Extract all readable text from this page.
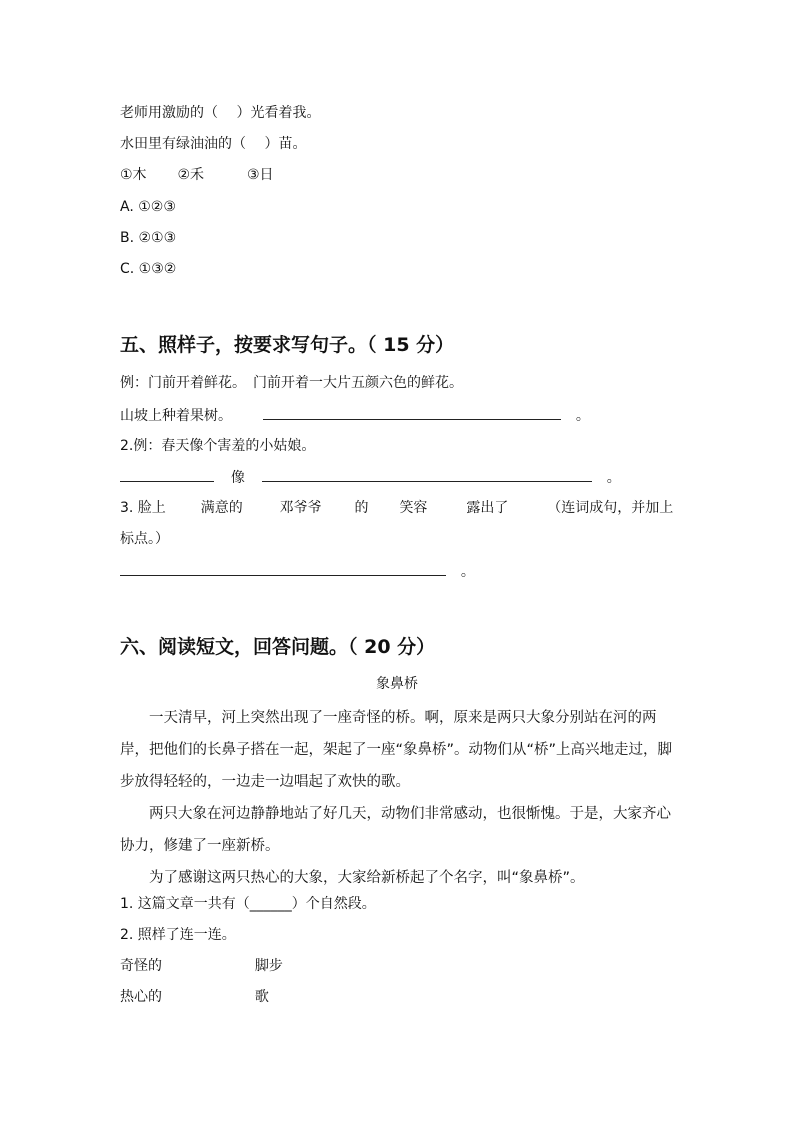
老师用激励的（　 ）光看着我。
水田里有绿油油的（　 ）苗。
①木 ②禾	③日
A. ①②③
B. ②①③
C. ①③②
五、照样子，按要求写句子。（ 15 分）
例：门前开着鲜花。　门前开着一大片五颜六色的鲜花。
山坡上种着果树。	。
2.例：春天像个害羞的小姑娘。
像	。
3. 脸上 满意的	邓爷爷 的 笑容	露出了	（连词成句，并加上
标点。）
。
六、阅读短文，回答问题。（ 20 分）
象鼻桥
一天清早，河上突然出现了一座奇怪的桥。啊，原来是两只大象分别站在河的两岸，把他们的长鼻子搭在一起，架起了一座“象鼻桥”。动物们从“桥”上高兴地走过，脚步放得轻轻的，一边走一边唱起了欢快的歌。
两只大象在河边静静地站了好几天，动物们非常感动，也很惭愧。于是，大家齐心协力，修建了一座新桥。
为了感谢这两只热心的大象，大家给新桥起了个名字，叫“象鼻桥”。
1. 这篇文章一共有（______）个自然段。
2. 照样了连一连。
奇怪的	脚步
热心的	歌
